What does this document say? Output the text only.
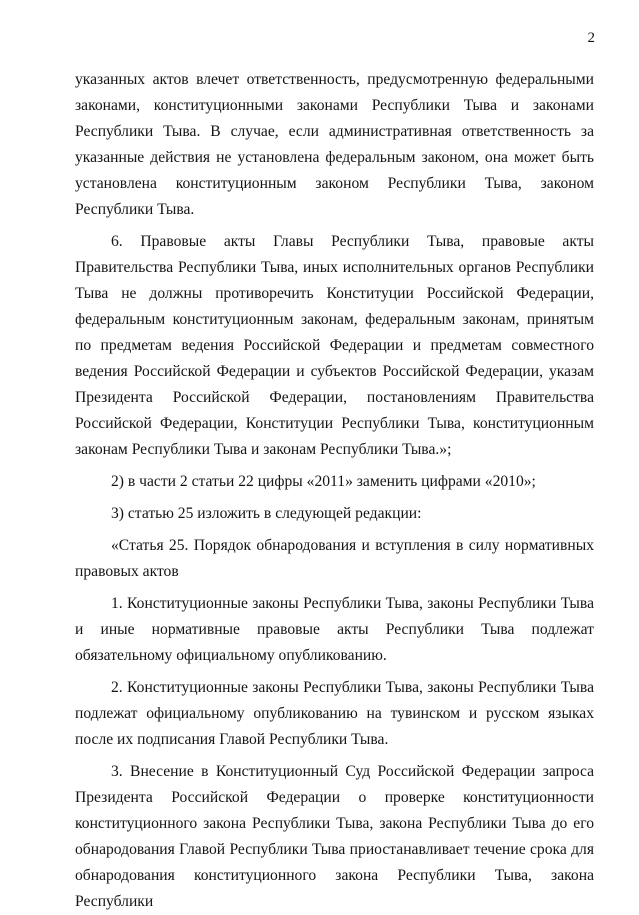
2

указанных актов влечет ответственность, предусмотренную федеральными законами, конституционными законами Республики Тыва и законами Республики Тыва. В случае, если административная ответственность за указанные действия не установлена федеральным законом, она может быть установлена конституционным законом Республики Тыва, законом Республики Тыва.

6. Правовые акты Главы Республики Тыва, правовые акты Правительства Республики Тыва, иных исполнительных органов Республики Тыва не должны противоречить Конституции Российской Федерации, федеральным конституционным законам, федеральным законам, принятым по предметам ведения Российской Федерации и предметам совместного ведения Российской Федерации и субъектов Российской Федерации, указам Президента Российской Федерации, постановлениям Правительства Российской Федерации, Конституции Республики Тыва, конституционным законам Республики Тыва и законам Республики Тыва.»;

2) в части 2 статьи 22 цифры «2011» заменить цифрами «2010»;

3) статью 25 изложить в следующей редакции:

«Статья 25. Порядок обнародования и вступления в силу нормативных правовых актов

1. Конституционные законы Республики Тыва, законы Республики Тыва и иные нормативные правовые акты Республики Тыва подлежат обязательному официальному опубликованию.

2. Конституционные законы Республики Тыва, законы Республики Тыва подлежат официальному опубликованию на тувинском и русском языках после их подписания Главой Республики Тыва.

3. Внесение в Конституционный Суд Российской Федерации запроса Президента Российской Федерации о проверке конституционности конституционного закона Республики Тыва, закона Республики Тыва до его обнародования Главой Республики Тыва приостанавливает течение срока для обнародования конституционного закона Республики Тыва, закона Республики
